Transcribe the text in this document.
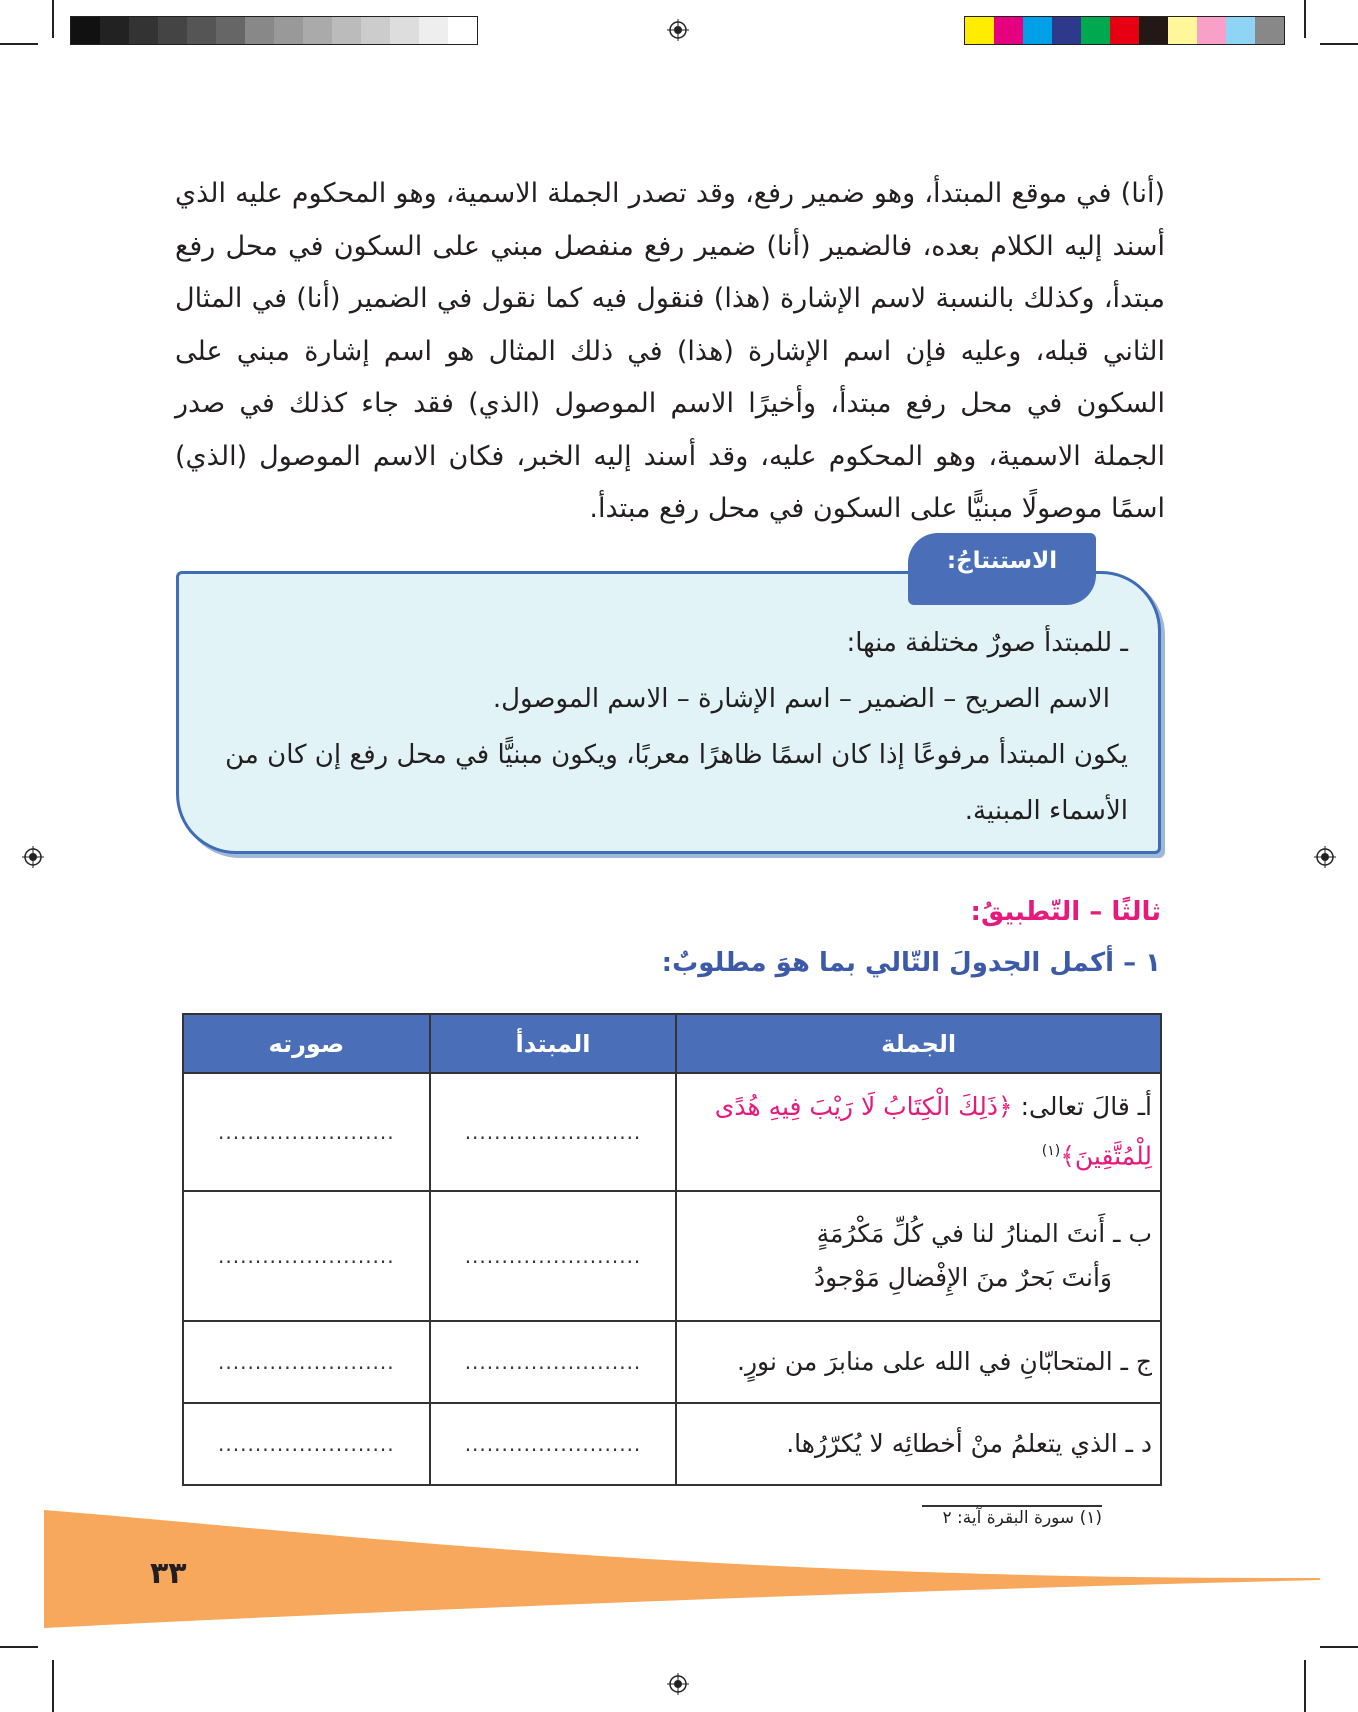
(أنا) في موقع المبتدأ، وهو ضمير رفع، وقد تصدر الجملة الاسمية، وهو المحكوم عليه الذي أسند إليه الكلام بعده، فالضمير (أنا) ضمير رفع منفصل مبني على السكون في محل رفع مبتدأ، وكذلك بالنسبة لاسم الإشارة (هذا) فنقول فيه كما نقول في الضمير (أنا) في المثال الثاني قبله، وعليه فإن اسم الإشارة (هذا) في ذلك المثال هو اسم إشارة مبني على السكون في محل رفع مبتدأ، وأخيرًا الاسم الموصول (الذي) فقد جاء كذلك في صدر الجملة الاسمية، وهو المحكوم عليه، وقد أسند إليه الخبر، فكان الاسم الموصول (الذي) اسمًا موصولًا مبنيًّا على السكون في محل رفع مبتدأ.
الاستنتاجُ:
ـ للمبتدأ صورٌ مختلفة منها:
الاسم الصريح – الضمير – اسم الإشارة – الاسم الموصول.
يكون المبتدأ مرفوعًا إذا كان اسمًا ظاهرًا معربًا، ويكون مبنيًّا في محل رفع إن كان من
الأسماء المبنية.
ثالثًا – التّطبيقُ:
١ – أكمل الجدولَ التّالي بما هوَ مطلوبٌ:
الجملة	المبتدأ	صورته
أـ قالَ تعالى: ﴿ذَلِكَ الْكِتَابُ لَا رَيْبَ فِيهِ هُدًى لِلْمُتَّقِينَ﴾$^{(١)}$	........................	........................

ب ـ أَنتَ المنارُ لنا في كُلِّ مَكْرُمَةٍ
وَأنتَ بَحرٌ منَ الإِفْضالِ مَوْجودُ	........................	........................
ج ـ المتحابّانِ في الله على منابرَ من نورٍ.	........................	........................
د ـ الذي يتعلمُ منْ أخطائِه لا يُكرّرُها.	........................	........................
(١) سورة البقرة آية: ٢
٣٣
